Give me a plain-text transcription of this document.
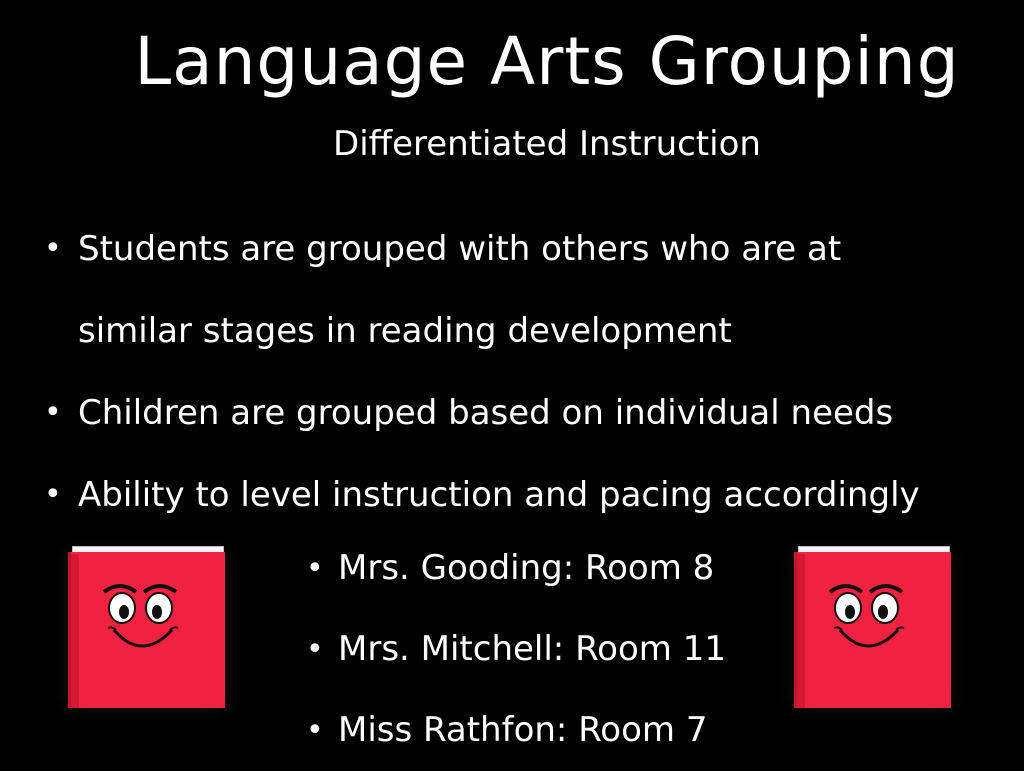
Language Arts Grouping

Differentiated Instruction

• Students are grouped with others who are at
similar stages in reading development
• Children are grouped based on individual needs
• Ability to level instruction and pacing accordingly
• Mrs. Gooding: Room 8
• Mrs. Mitchell: Room 11
• Miss Rathfon: Room 7
